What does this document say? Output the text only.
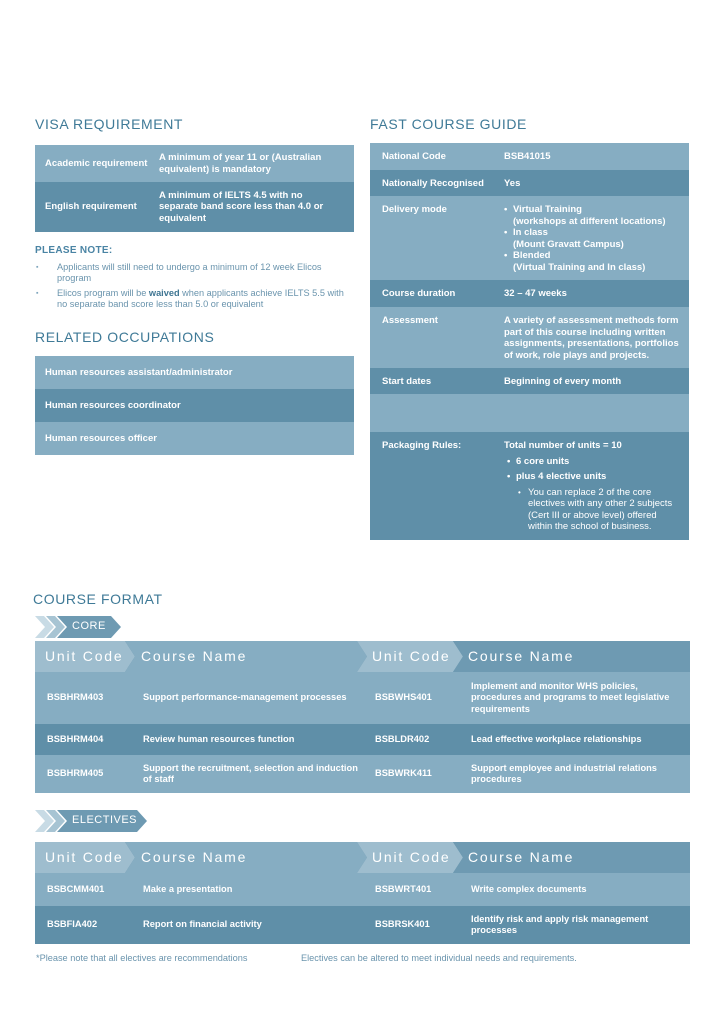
VISA REQUIREMENT
Academic requirement
A minimum of year 11 or (Australian equivalent) is mandatory
English requirement
A minimum of IELTS 4.5 with no separate band score less than 4.0 or equivalent
PLEASE NOTE:
▪ Applicants will still need to undergo a minimum of 12 week Elicos program
▪ Elicos program will be waived when applicants achieve IELTS 5.5 with no separate band score less than 5.0 or equivalent
RELATED OCCUPATIONS
Human resources assistant/administrator
Human resources coordinator
Human resources officer
FAST COURSE GUIDE
National Code	BSB41015
Nationally Recognised	Yes
Delivery mode
•	Virtual Training
(workshops at different locations)
• In class
(Mount Gravatt Campus)
• Blended
(Virtual Training and In class)
Course duration	32 – 47 weeks
Assessment	A variety of assessment methods form part of this course including written assignments, presentations, portfolios of work, role plays and projects.
Start dates	Beginning of every month
Packaging Rules:	Total number of units = 10
• 6 core units
• plus 4 elective units
• You can replace 2 of the core electives with any other 2 subjects (Cert III or above level) offered within the school of business.
COURSE FORMAT
CORE
Unit Code Course Name	Unit Code Course Name
BSBHRM403	Support performance-management processes	BSBWHS401
Implement and monitor WHS policies, procedures and programs to meet legislative requirements
BSBHRM404	Review human resources function	BSBLDR402	Lead effective workplace relationships
BSBHRM405
Support the recruitment, selection and induction of staff
BSBWRK411
Support employee and industrial relations procedures
ELECTIVES
Unit Code Course Name	Unit Code Course Name
BSBCMM401	Make a presentation	BSBWRT401	Write complex documents
BSBFIA402	Report on financial activity	BSBRSK401
Identify risk and apply risk management processes
*Please note that all electives are recommendations	Electives can be altered to meet individual needs and requirements.
